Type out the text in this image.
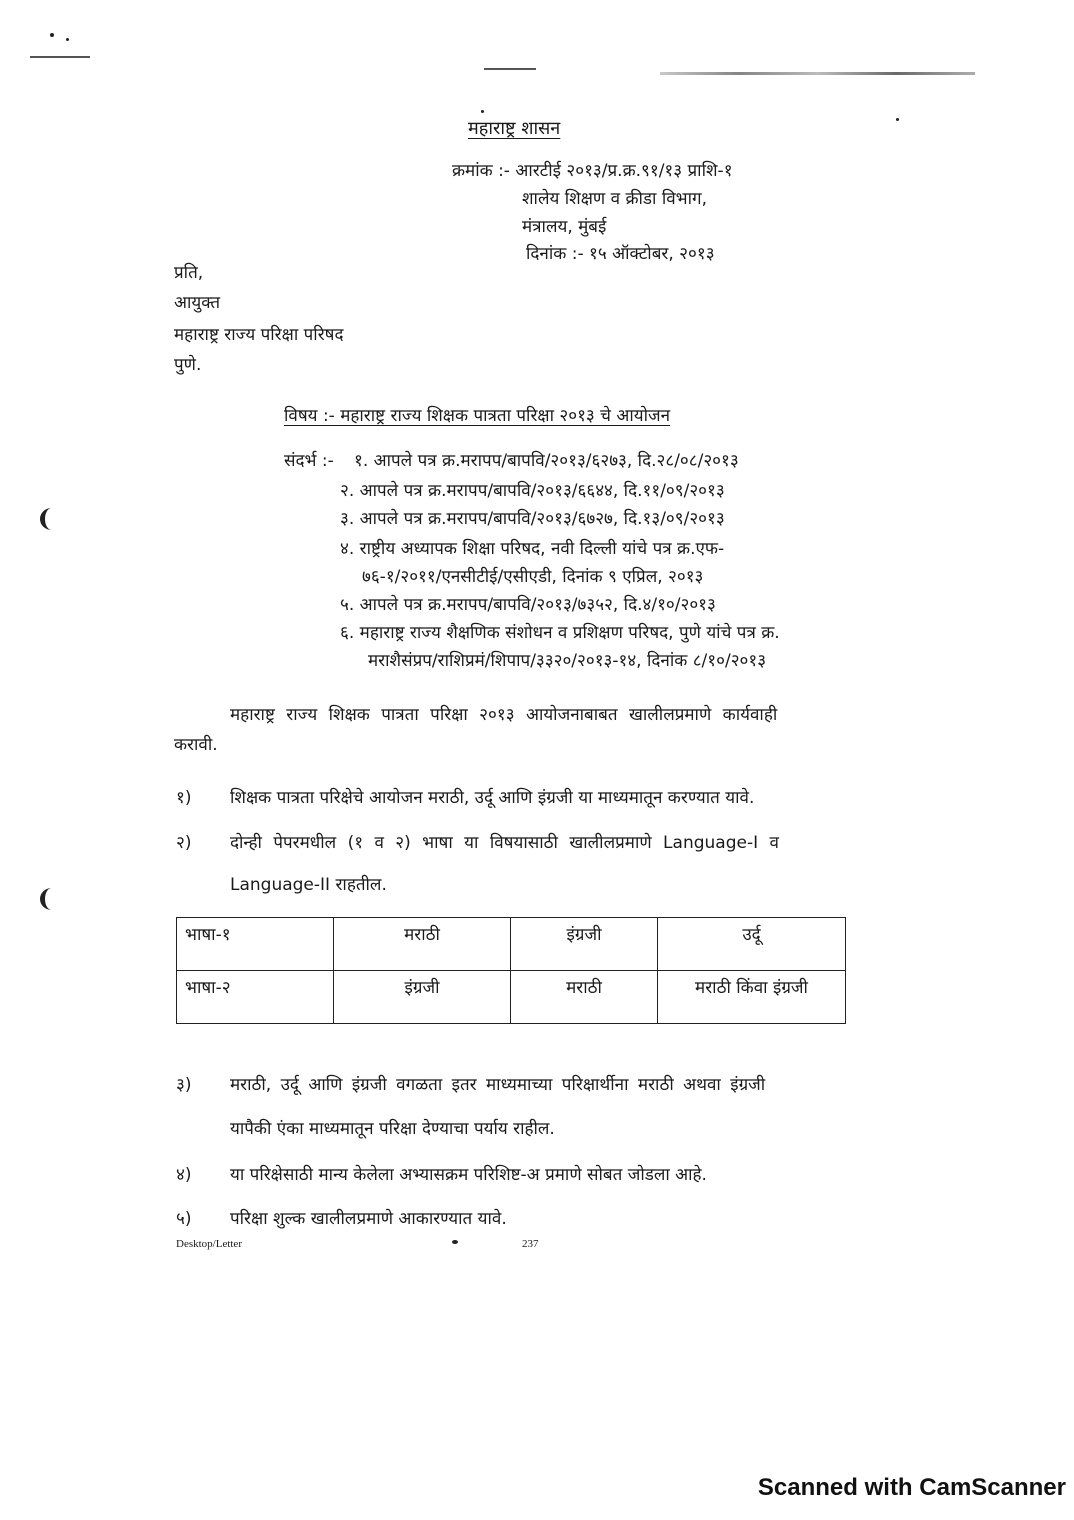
महाराष्ट्र शासन
क्रमांक :- आरटीई २०१३/प्र.क्र.९१/१३ प्राशि-१
शालेय शिक्षण व क्रीडा विभाग,
मंत्रालय, मुंबई
दिनांक :- १५ ऑक्टोबर, २०१३
प्रति,
आयुक्त
महाराष्ट्र राज्य परिक्षा परिषद
पुणे.
विषय :- महाराष्ट्र राज्य शिक्षक पात्रता परिक्षा २०१३ चे आयोजन
संदर्भ :- १. आपले पत्र क्र.मरापप/बापवि/२०१३/६२७३, दि.२८/०८/२०१३
२. आपले पत्र क्र.मरापप/बापवि/२०१३/६६४४, दि.११/०९/२०१३
३. आपले पत्र क्र.मरापप/बापवि/२०१३/६७२७, दि.१३/०९/२०१३
४. राष्ट्रीय अध्यापक शिक्षा परिषद, नवी दिल्ली यांचे पत्र क्र.एफ-
७६-१/२०११/एनसीटीई/एसीएडी, दिनांक ९ एप्रिल, २०१३
५. आपले पत्र क्र.मरापप/बापवि/२०१३/७३५२, दि.४/१०/२०१३
६. महाराष्ट्र राज्य शैक्षणिक संशोधन व प्रशिक्षण परिषद, पुणे यांचे पत्र क्र.
मराशैसंप्रप/राशिप्रमं/शिपाप/३३२०/२०१३-१४, दिनांक ८/१०/२०१३
महाराष्ट्र राज्य शिक्षक पात्रता परिक्षा २०१३ आयोजनाबाबत खालीलप्रमाणे कार्यवाही
करावी.
१) शिक्षक पात्रता परिक्षेचे आयोजन मराठी, उर्दू आणि इंग्रजी या माध्यमातून करण्यात यावे.
२) दोन्ही पेपरमधील (१ व २) भाषा या विषयासाठी खालीलप्रमाणे Language-I व
Language-II राहतील.
भाषा-१	मराठी	इंग्रजी	उर्दू
भाषा-२	इंग्रजी	मराठी	मराठी किंवा इंग्रजी
३) मराठी, उर्दू आणि इंग्रजी वगळता इतर माध्यमाच्या परिक्षार्थीना मराठी अथवा इंग्रजी
यापैकी एंका माध्यमातून परिक्षा देण्याचा पर्याय राहील.
४) या परिक्षेसाठी मान्य केलेला अभ्यासक्रम परिशिष्ट-अ प्रमाणे सोबत जोडला आहे.
५) परिक्षा शुल्क खालीलप्रमाणे आकारण्यात यावे.
Desktop/Letter	237
Scanned with CamScanner
